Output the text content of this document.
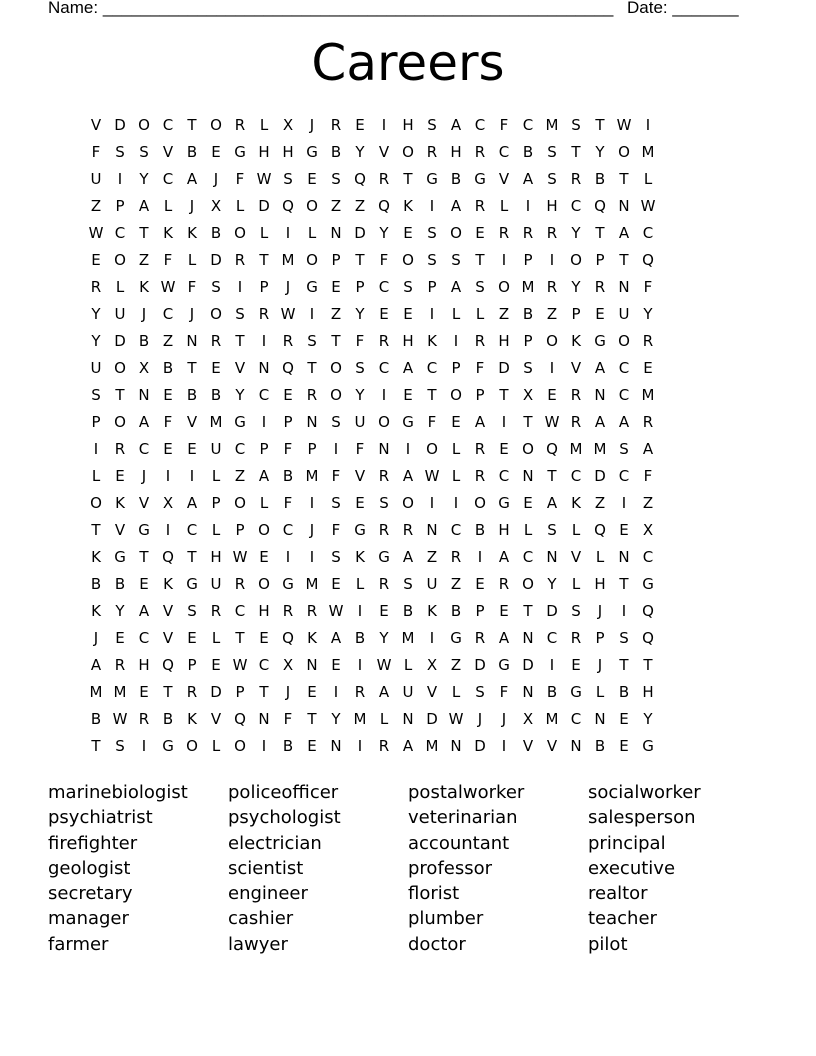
Name: ______________________________________________________ Date: _______
Careers
V D O C T O R L X	J	R E	I	H S A C F C M S T W I
F S S V B E G H H G B Y V O R H R C B S T Y O M
U	I	Y C A	J	F W S E S Q R T G B G V A S R B T	L
Z P A L	J	X L D Q O Z Z Q K	I	A R L	I	H C Q N W
W C T K K B O L	I	L N D Y E S O E R R R Y T A C
E O Z F	L D R T M O P T	F O S S T	I	P	I	O P T Q
R L K W F S	I	P	J	G E P C S P A S O M R Y R N F
Y U	J	C	J	O S R W I	Z Y E E	I	L	L Z B Z P E U Y
Y D B Z N R T	I	R S T	F R H K	I	R H P O K G O R
U O X B T E V N Q T O S C A C P	F D S	I	V A C E
S T N E B B Y C E R O Y	I	E T O P T X E R N C M
P O A F V M G	I	P N S U O G F E A	I	T W R A A R
I	R C E E U C P	F	P	I	F N	I	O L R E O Q M M S A
L	E	J	I	I	L Z A B M F V R A W L R C N T C D C F
O K V X A P O L	F	I	S E S O	I	I	O G E A K Z	I	Z
T V G	I	C L	P O C	J	F G R R N C B H L	S	L Q E X
K G T Q T H W E	I	I	S K G A Z R	I	A C N V L N C
B B E K G U R O G M E	L R S U Z E R O Y	L H T G
K Y A V S R C H R R W I	E B K B P E T D S	J	I	Q
J	E C V E	L	T E Q K A B Y M	I	G R A N C R P S Q
A R H Q P E W C X N E	I W L X Z D G D	I	E	J	T T
M M E T R D P T	J	E	I	R A U V L	S F N B G L B H
B W R B K V Q N F	T Y M L N D W J	J	X M C N E Y
T S	I	G O L O	I	B E N	I	R A M N D	I	V V N B E G
marinebiologist
psychiatrist
firefighter
geologist
secretary
manager
farmer
policeofficer
psychologist
electrician
scientist
engineer
cashier
lawyer
postalworker
veterinarian
accountant
professor
florist
plumber
doctor
socialworker
salesperson
principal
executive
realtor
teacher
pilot
